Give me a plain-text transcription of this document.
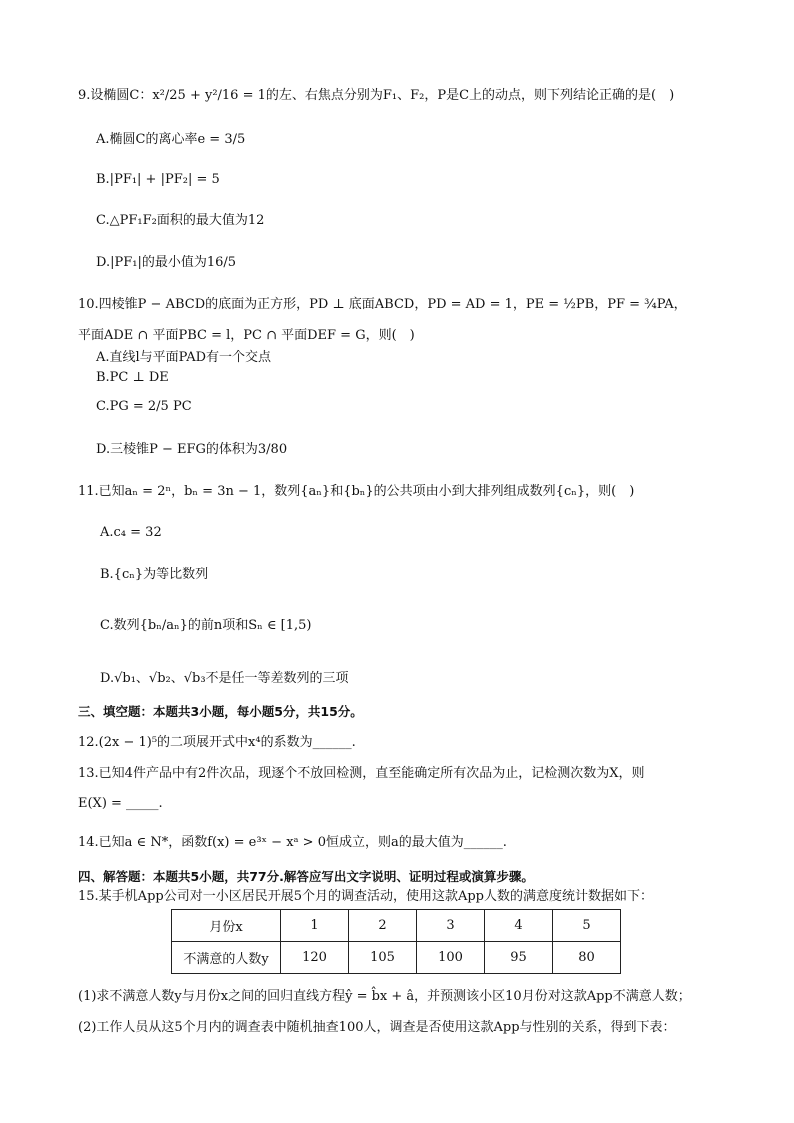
9.设椭圆C：x²/25 + y²/16 = 1的左、右焦点分别为F₁、F₂，P是C上的动点，则下列结论正确的是(　)
A.椭圆C的离心率e = 3/5
B.|PF₁| + |PF₂| = 5
C.△PF₁F₂面积的最大值为12
D.|PF₁|的最小值为16/5
10.四棱锥P − ABCD的底面为正方形，PD ⊥ 底面ABCD，PD = AD = 1，PE = ½PB，PF = ¾PA，
平面ADE ∩ 平面PBC = l，PC ∩ 平面DEF = G，则(　)
A.直线l与平面PAD有一个交点
B.PC ⊥ DE
C.PG = 2/5 PC
D.三棱锥P − EFG的体积为3/80
11.已知aₙ = 2ⁿ，bₙ = 3n − 1，数列{aₙ}和{bₙ}的公共项由小到大排列组成数列{cₙ}，则(　)
A.c₄ = 32
B.{cₙ}为等比数列
C.数列{bₙ/aₙ}的前n项和Sₙ ∈ [1,5)
D.√b₁、√b₂、√b₃不是任一等差数列的三项
三、填空题：本题共3小题，每小题5分，共15分。
12.(2x − 1)⁵的二项展开式中x⁴的系数为______.
13.已知4件产品中有2件次品，现逐个不放回检测，直至能确定所有次品为止，记检测次数为X，则
E(X) = _____.
14.已知a ∈ N*，函数f(x) = e³ˣ − xᵃ > 0恒成立，则a的最大值为______.
四、解答题：本题共5小题，共77分.解答应写出文字说明、证明过程或演算步骤。
15.某手机App公司对一小区居民开展5个月的调查活动，使用这款App人数的满意度统计数据如下：
月份x	1	2	3	4	5
不满意的人数y	120	105	100	95	80
(1)求不满意人数y与月份x之间的回归直线方程ŷ = b̂x + â，并预测该小区10月份对这款App不满意人数；
(2)工作人员从这5个月内的调查表中随机抽查100人，调查是否使用这款App与性别的关系，得到下表：
